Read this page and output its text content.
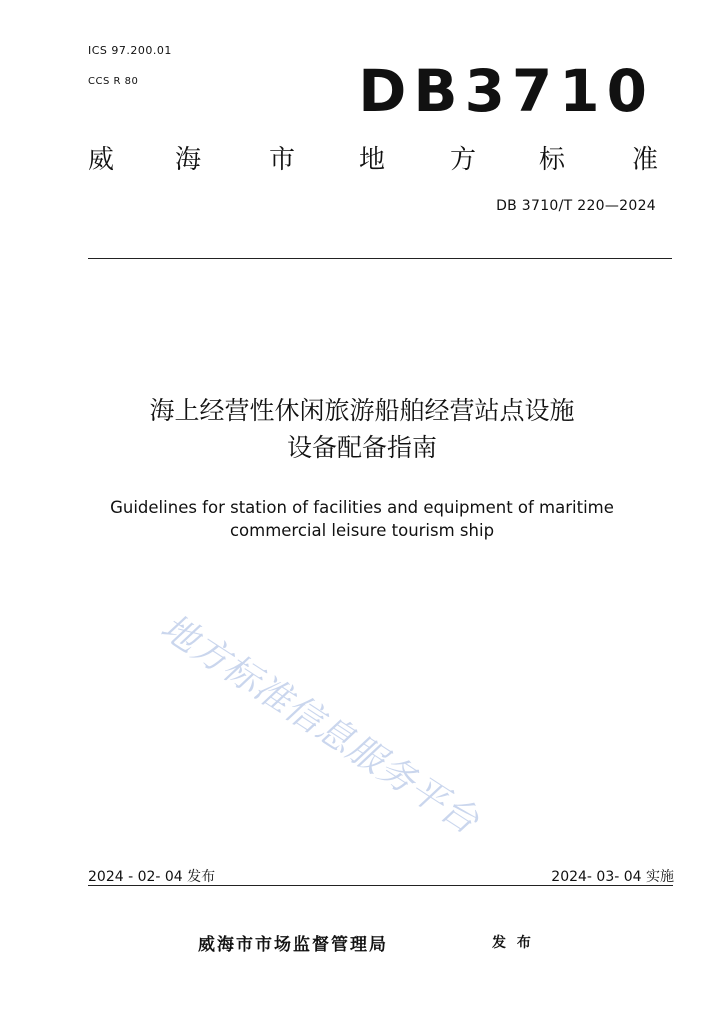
ICS 97.200.01
CCS R 80	DB3710
威 海	市 地 方 标	准
DB 3710/T 220—2024
海上经营性休闲旅游船舶经营站点设施
设备配备指南
Guidelines for station of facilities and equipment of maritime
commercial leisure tourism ship
地方标准信息服务平台
2024 - 02- 04 发布	2024- 03- 04 实施
威海市市场监督管理局	发 布
